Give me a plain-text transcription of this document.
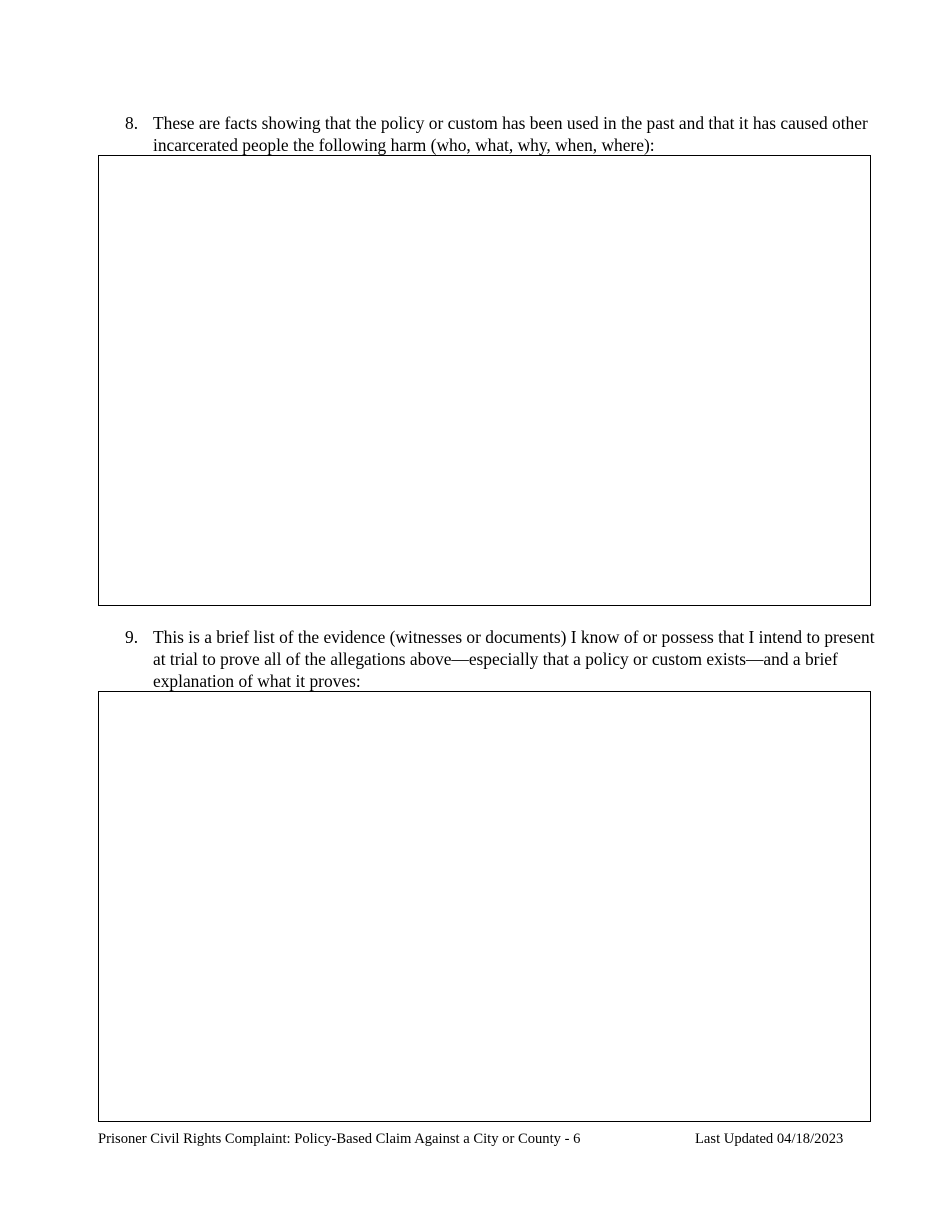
8. These are facts showing that the policy or custom has been used in the past and that it has caused other incarcerated people the following harm (who, what, why, when, where):
9. This is a brief list of the evidence (witnesses or documents) I know of or possess that I intend to present at trial to prove all of the allegations above—especially that a policy or custom exists—and a brief explanation of what it proves:
Prisoner Civil Rights Complaint: Policy-Based Claim Against a City or County - 6	Last Updated 04/18/2023
